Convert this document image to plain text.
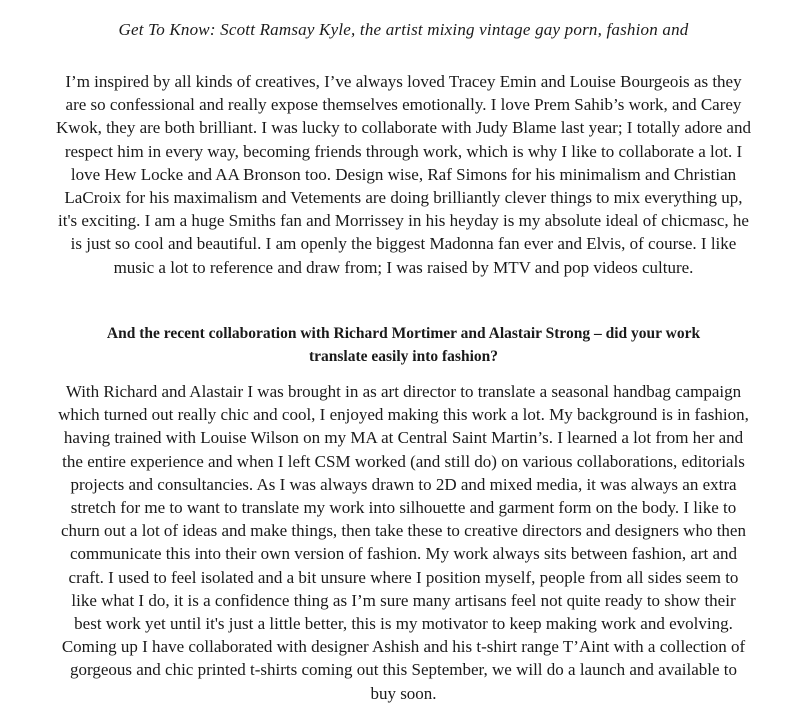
Get To Know: Scott Ramsay Kyle, the artist mixing vintage gay porn, fashion and

I’m inspired by all kinds of creatives, I’ve always loved Tracey Emin and Louise Bourgeois as they
are so confessional and really expose themselves emotionally. I love Prem Sahib’s work, and Carey
Kwok, they are both brilliant. I was lucky to collaborate with Judy Blame last year; I totally adore and
respect him in every way, becoming friends through work, which is why I like to collaborate a lot. I
love Hew Locke and AA Bronson too. Design wise, Raf Simons for his minimalism and Christian
LaCroix for his maximalism and Vetements are doing brilliantly clever things to mix everything up,
it's exciting. I am a huge Smiths fan and Morrissey in his heyday is my absolute ideal of chicmasc, he
is just so cool and beautiful. I am openly the biggest Madonna fan ever and Elvis, of course. I like
music a lot to reference and draw from; I was raised by MTV and pop videos culture.

And the recent collaboration with Richard Mortimer and Alastair Strong – did your work
translate easily into fashion?

With Richard and Alastair I was brought in as art director to translate a seasonal handbag campaign
which turned out really chic and cool, I enjoyed making this work a lot. My background is in fashion,
having trained with Louise Wilson on my MA at Central Saint Martin’s. I learned a lot from her and
the entire experience and when I left CSM worked (and still do) on various collaborations, editorials
projects and consultancies. As I was always drawn to 2D and mixed media, it was always an extra
stretch for me to want to translate my work into silhouette and garment form on the body. I like to
churn out a lot of ideas and make things, then take these to creative directors and designers who then
communicate this into their own version of fashion. My work always sits between fashion, art and
craft. I used to feel isolated and a bit unsure where I position myself, people from all sides seem to
like what I do, it is a confidence thing as I’m sure many artisans feel not quite ready to show their
best work yet until it's just a little better, this is my motivator to keep making work and evolving.
Coming up I have collaborated with designer Ashish and his t-shirt range T’Aint with a collection of
gorgeous and chic printed t-shirts coming out this September, we will do a launch and available to
buy soon.
